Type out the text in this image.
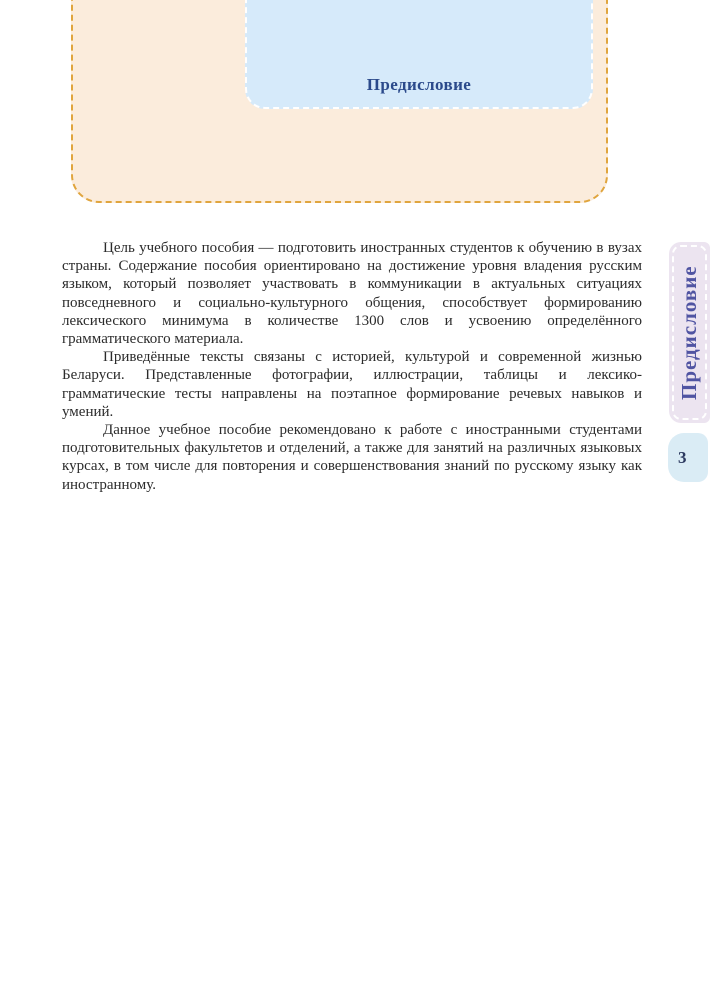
Предисловие

Цель учебного пособия — подготовить иностранных студентов к обучению в вузах страны. Содержание пособия ориентировано на достижение уровня владения русским языком, который позволяет участвовать в коммуникации в актуальных ситуациях повседневного и социально-культурного общения, способствует формированию лексического минимума в количестве 1300 слов и усвоению определённого грамматического материала.

Приведённые тексты связаны с историей, культурой и современной жизнью Беларуси. Представленные фотографии, иллюстрации, таблицы и лексико-грамматические тесты направлены на поэтапное формирование речевых навыков и умений.

Данное учебное пособие рекомендовано к работе с иностранными студентами подготовительных факультетов и отделений, а также для занятий на различных языковых курсах, в том числе для повторения и совершенствования знаний по русскому языку как иностранному.

Предисловие
3
